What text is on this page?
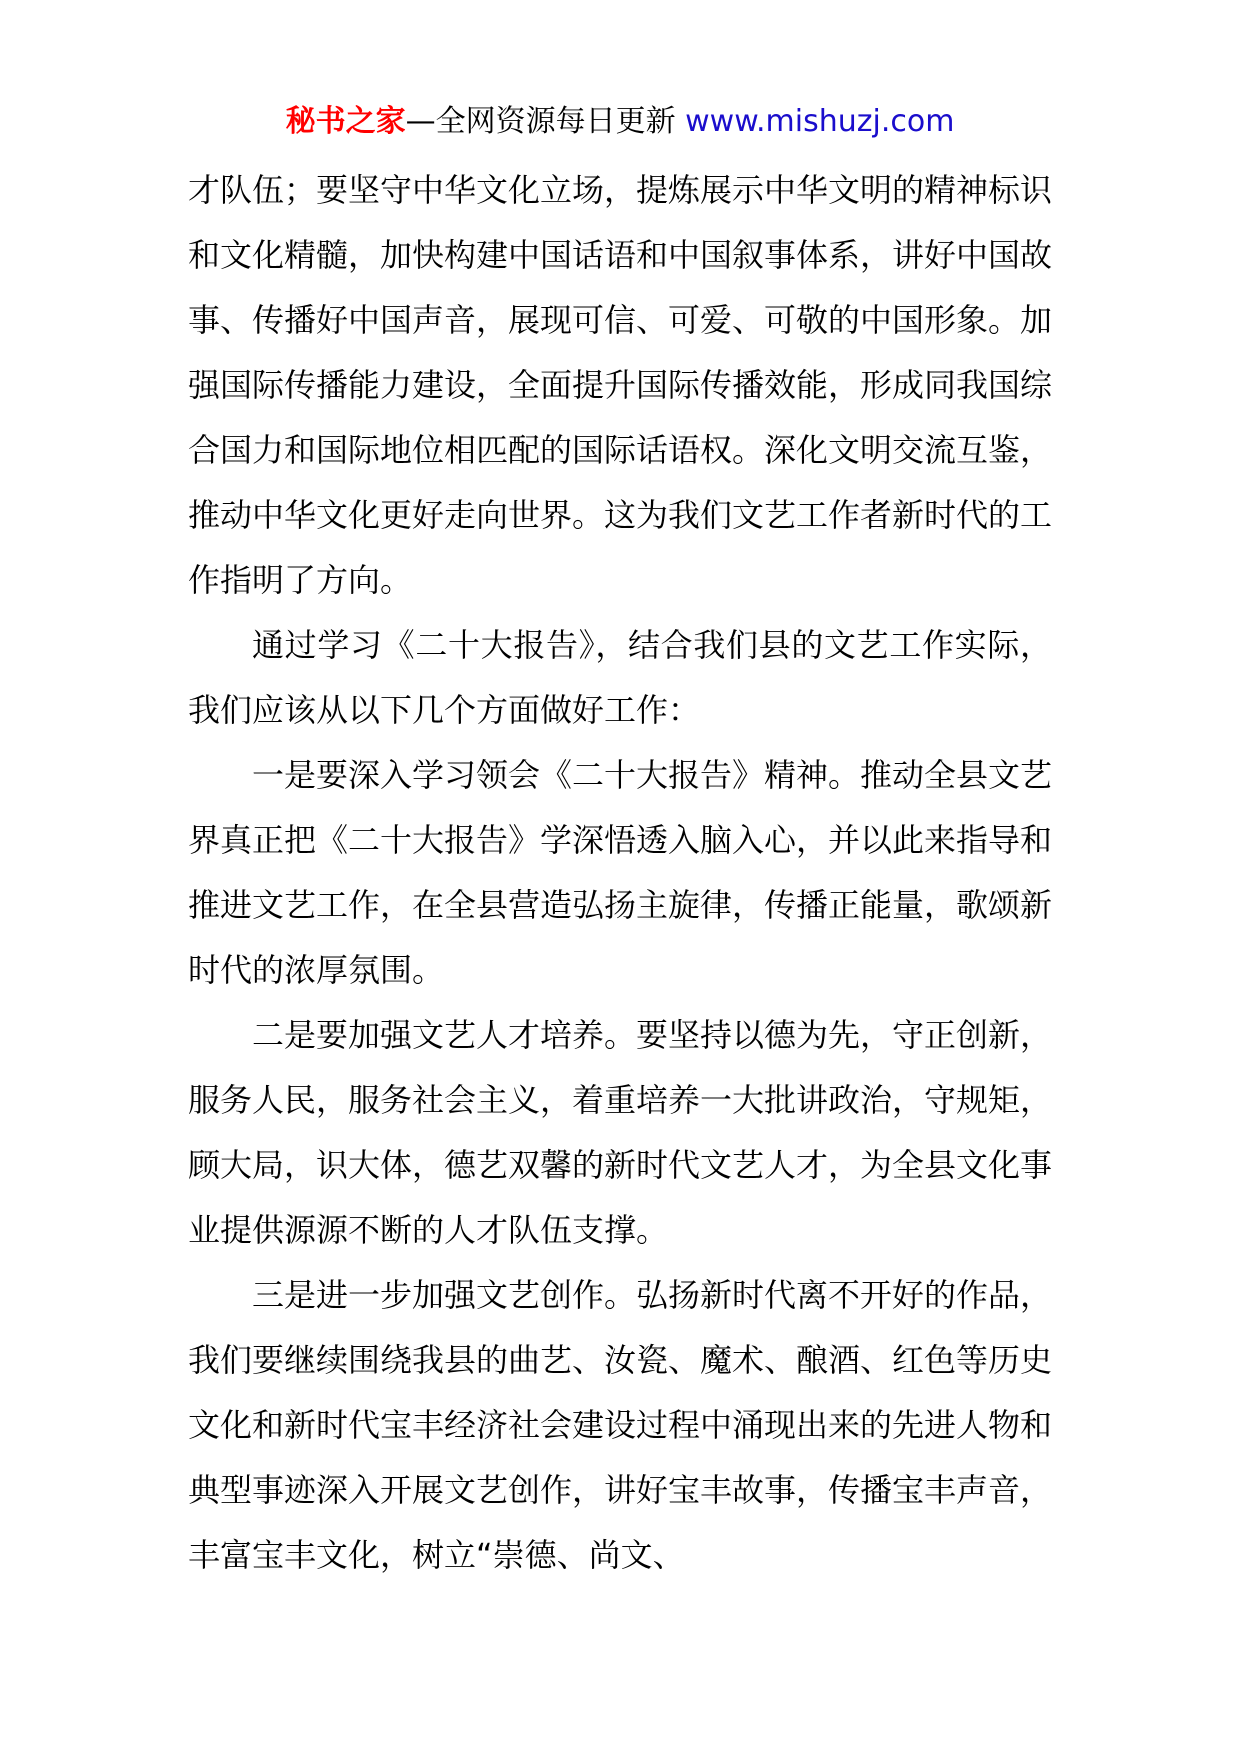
秘书之家—全网资源每日更新 www.mishuzj.com

才队伍；要坚守中华文化立场，提炼展示中华文明的精神标识和文化精髓，加快构建中国话语和中国叙事体系，讲好中国故事、传播好中国声音，展现可信、可爱、可敬的中国形象。加强国际传播能力建设，全面提升国际传播效能，形成同我国综合国力和国际地位相匹配的国际话语权。深化文明交流互鉴，推动中华文化更好走向世界。这为我们文艺工作者新时代的工作指明了方向。

通过学习《二十大报告》，结合我们县的文艺工作实际，我们应该从以下几个方面做好工作：

一是要深入学习领会《二十大报告》精神。推动全县文艺界真正把《二十大报告》学深悟透入脑入心，并以此来指导和推进文艺工作，在全县营造弘扬主旋律，传播正能量，歌颂新时代的浓厚氛围。

二是要加强文艺人才培养。要坚持以德为先，守正创新，服务人民，服务社会主义，着重培养一大批讲政治，守规矩，顾大局，识大体，德艺双馨的新时代文艺人才，为全县文化事业提供源源不断的人才队伍支撑。

三是进一步加强文艺创作。弘扬新时代离不开好的作品，我们要继续围绕我县的曲艺、汝瓷、魔术、酿酒、红色等历史文化和新时代宝丰经济社会建设过程中涌现出来的先进人物和典型事迹深入开展文艺创作，讲好宝丰故事，传播宝丰声音，丰富宝丰文化，树立“崇德、尚文、
